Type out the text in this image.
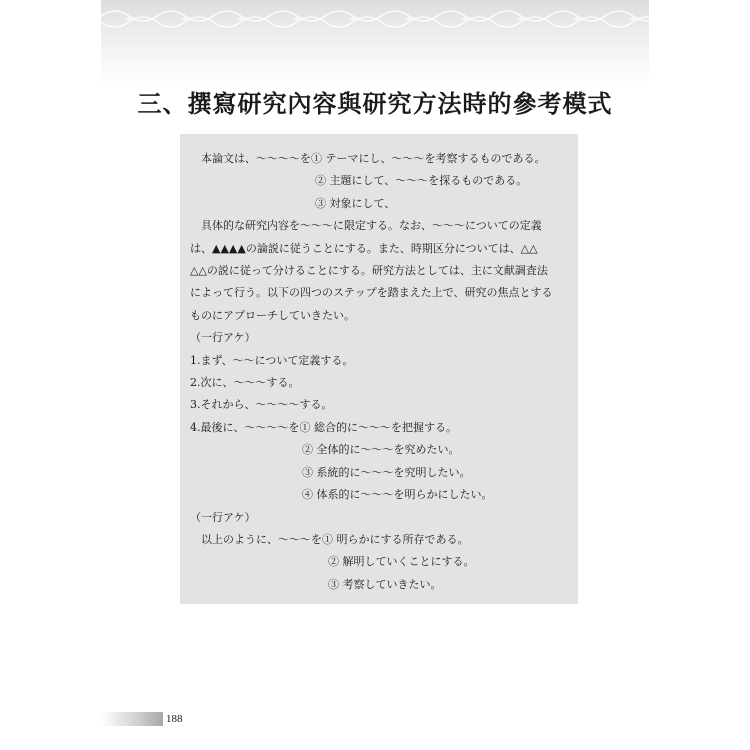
三、撰寫研究內容與研究方法時的參考模式
本論文は、～～～～を① テーマにし、～～～を考察するものである。
② 主題にして、～～～を探るものである。
③ 対象にして、
具体的な研究内容を～～～に限定する。なお、～～～についての定義
は、▲▲▲▲の論説に従うことにする。また、時期区分については、△△
△△の説に従って分けることにする。研究方法としては、主に文献調査法
によって行う。以下の四つのステップを踏まえた上で、研究の焦点とする
ものにアプローチしていきたい。
（一行アケ）
1.まず、～～について定義する。
2.次に、～～～する。
3.それから、～～～～する。
4.最後に、～～～～を① 総合的に～～～を把握する。
② 全体的に～～～を究めたい。
③ 系統的に～～～を究明したい。
④ 体系的に～～～を明らかにしたい。
（一行アケ）
以上のように、～～～を① 明らかにする所存である。
② 解明していくことにする。
③ 考察していきたい。
188
